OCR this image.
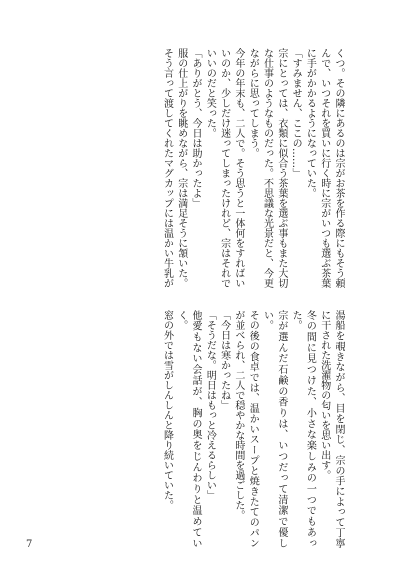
くつ。その隣にあるのは宗がお茶を作る際にもそう頼んで、いつそれを買いに行く時に宗がいつも選ぶ茶葉に手がかかるようになっていた。

「すみません、ここの……」

宗にとっては、衣類に似合う茶葉を選ぶ事もまた大切な仕事のようなものだった。不思議な光景だと、今更ながらに思ってしまう。

今年の年末も、二人で。そう思うと一体何をすればいいのか、少しだけ迷ってしまったけれど、宗はそれでいいのだと笑った。

「ありがとう、今日は助かったよ」

服の仕上がりを眺めながら、宗は満足そうに頷いた。

そう言って渡してくれたマグカップには温かい牛乳が

湯船を覗きながら、目を閉じ、宗の手によって丁寧に干された洗濯物の匂いを思い出す。

冬の間に見つけた、小さな楽しみの一つでもあった。

宗が選んだ石鹸の香りは、いつだって清潔で優しい。

その後の食卓では、温かいスープと焼きたてのパンが並べられ、二人で穏やかな時間を過ごした。

「今日は寒かったね」

「そうだな。明日はもっと冷えるらしい」

他愛もない会話が、胸の奥をじんわりと温めていく。

窓の外では雪がしんしんと降り続いていた。

7
